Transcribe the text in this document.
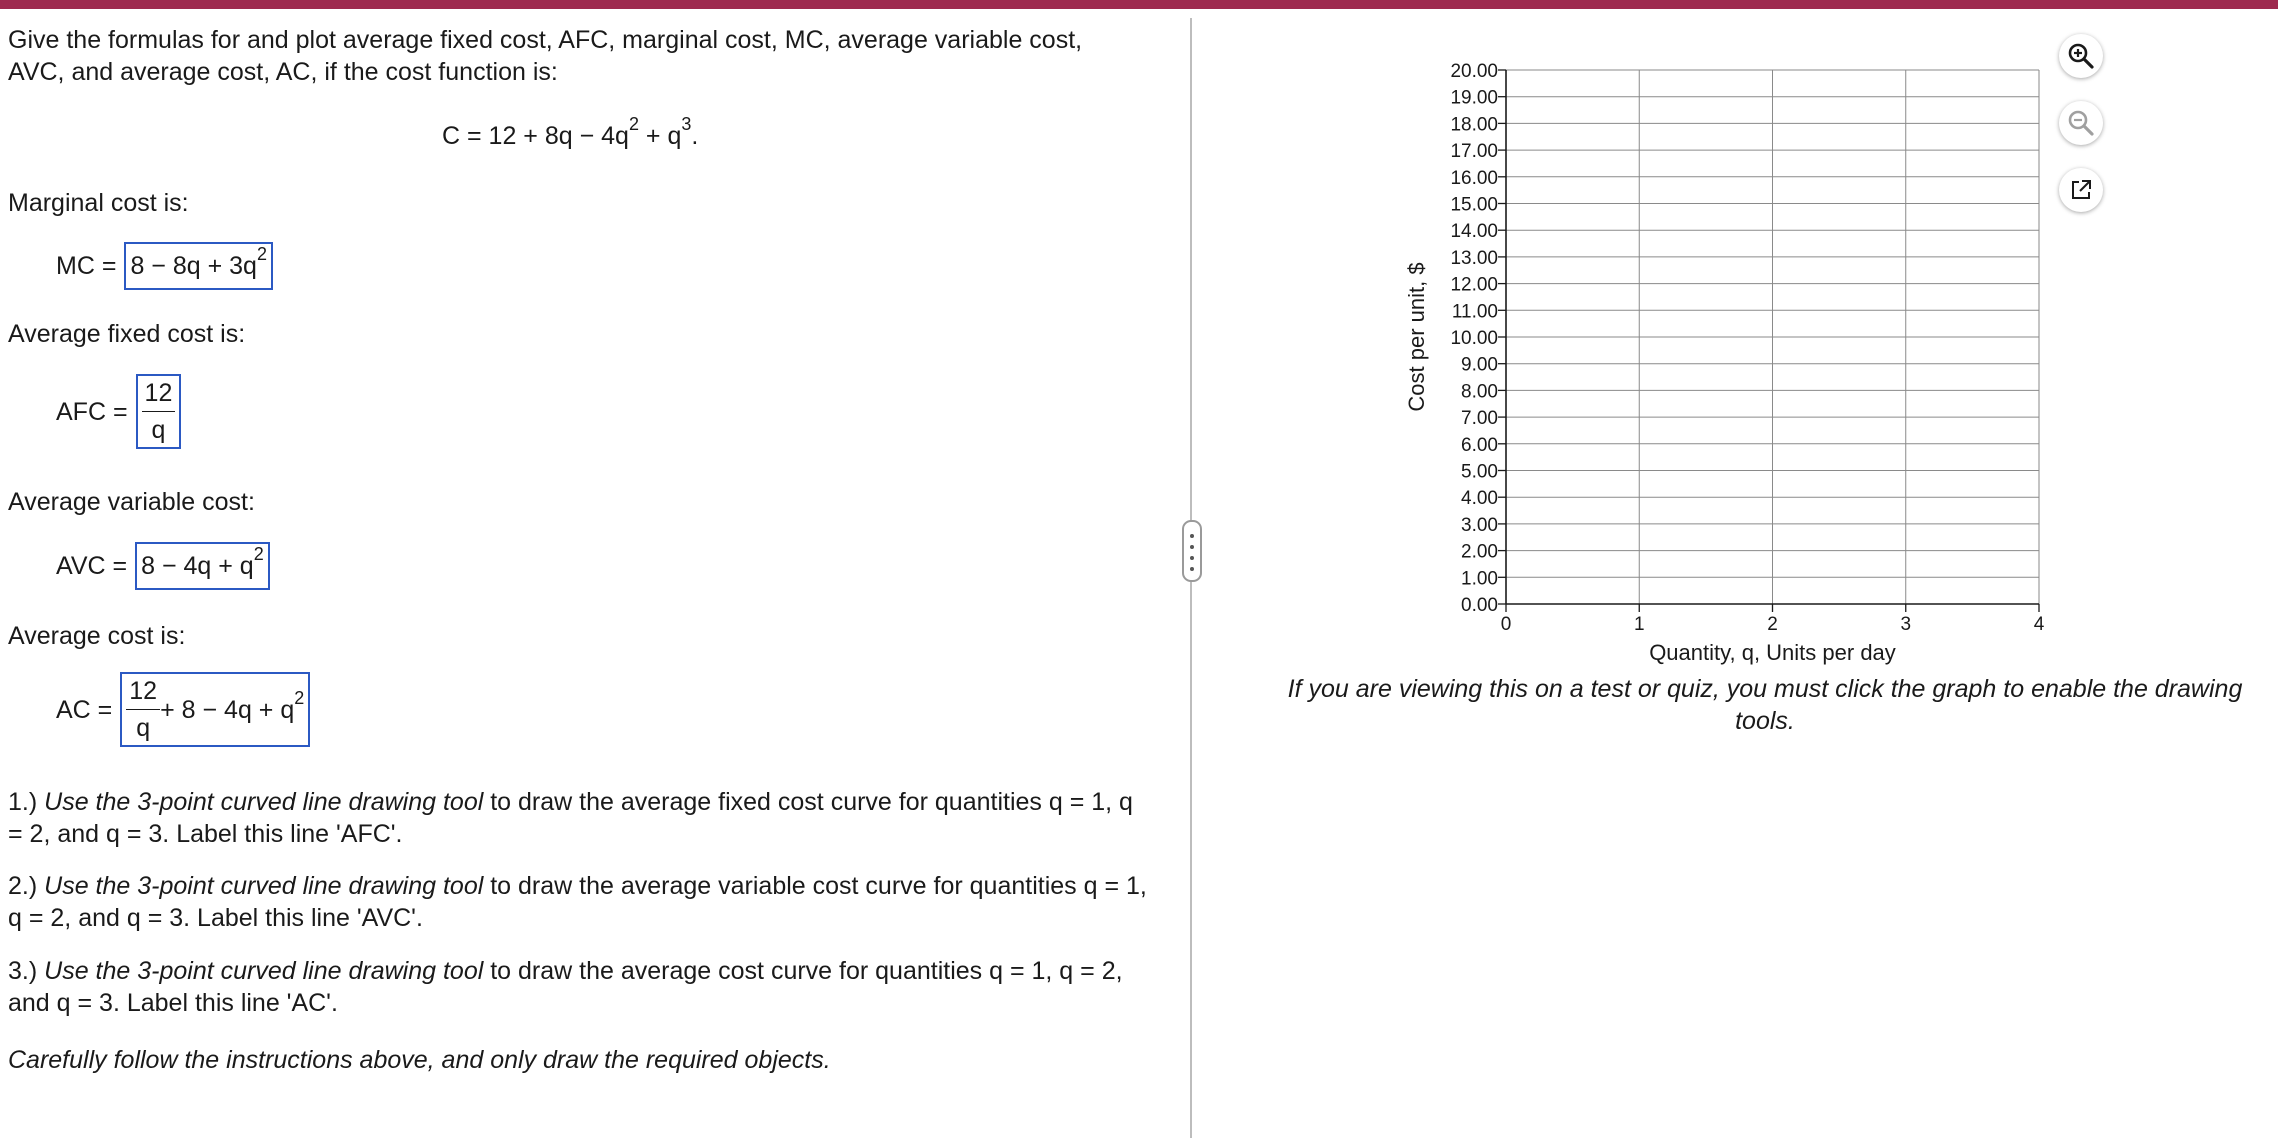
Give the formulas for and plot average fixed cost, AFC, marginal cost, MC, average variable cost, AVC, and average cost, AC, if the cost function is:

$C = 12 + 8q - 4q^2 + q^3$.
Marginal cost is:
MC = $8 - 8q + 3q^2$
Average fixed cost is:
AFC = $\frac{12}{q}$
Average variable cost:
AVC = $8 - 4q + q^2$
Average cost is:
AC = $\frac{12}{q} + 8 - 4q + q^2$
1.) Use the 3-point curved line drawing tool to draw the average fixed cost curve for quantities q = 1, q = 2, and q = 3. Label this line 'AFC'.
2.) Use the 3-point curved line drawing tool to draw the average variable cost curve for quantities q = 1, q = 2, and q = 3. Label this line 'AVC'.
3.) Use the 3-point curved line drawing tool to draw the average cost curve for quantities q = 1, q = 2, and q = 3. Label this line 'AC'.
Carefully follow the instructions above, and only draw the required objects.
0.00
1.00
2.00
3.00
4.00
5.00
6.00
7.00
8.00
9.00
10.00
11.00
12.00
13.00
14.00
15.00
16.00
17.00
18.00
19.00
20.00
0	1	2	3	4
Quantity, q, Units per day
Cost per unit, $
If you are viewing this on a test or quiz, you must click the graph to enable the drawing tools.
